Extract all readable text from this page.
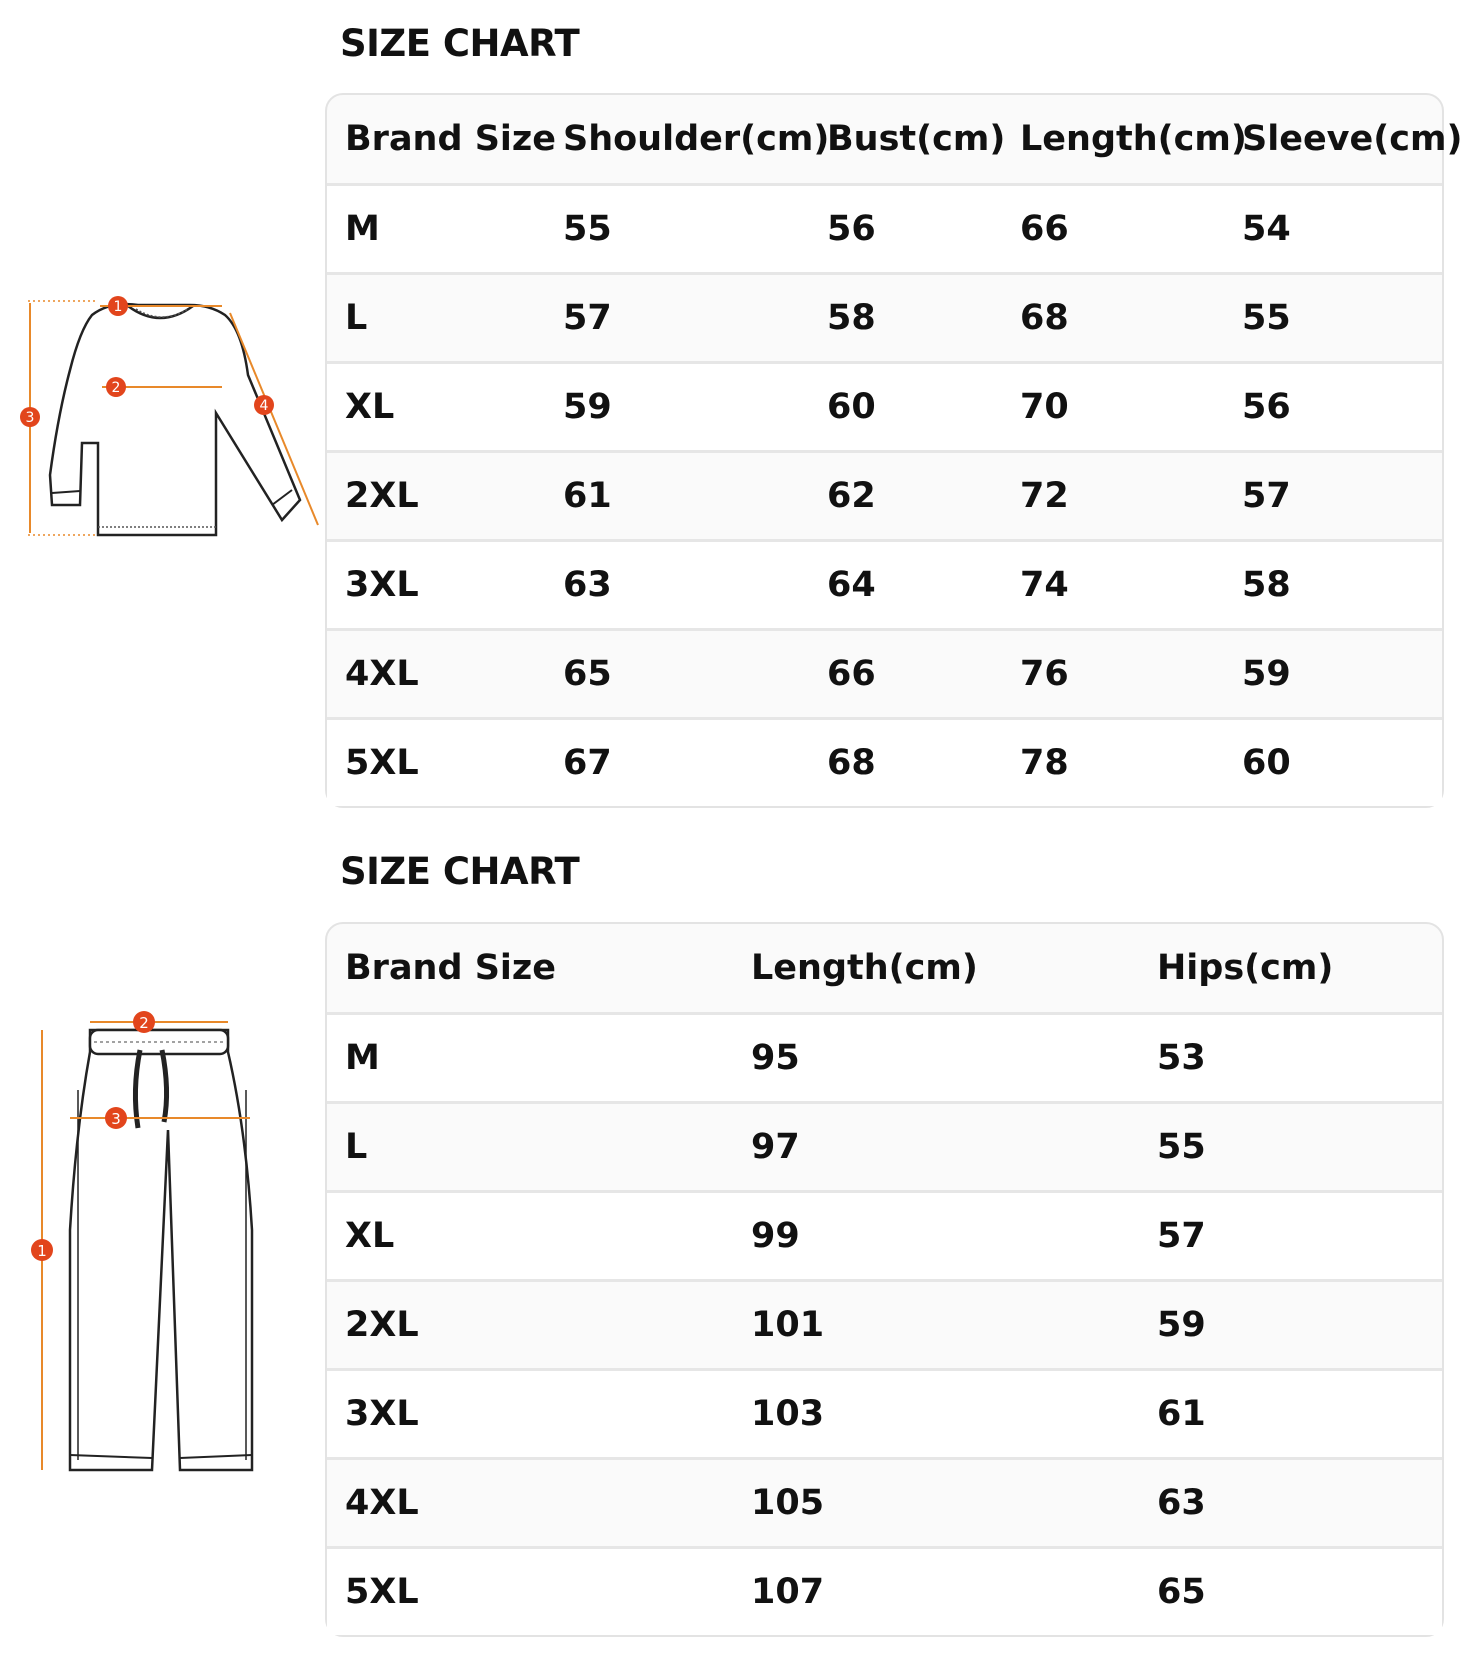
SIZE CHART
1
2
3
4
Brand Size	Shoulder(cm)	Bust(cm)	Length(cm)	Sleeve(cm)
M	55	56	66	54
L	57	58	68	55
XL	59	60	70	56
2XL	61	62	72	57
3XL	63	64	74	58
4XL	65	66	76	59
5XL	67	68	78	60
SIZE CHART
1
2
3
Brand Size	Length(cm)	Hips(cm)
M	95	53
L	97	55
XL	99	57
2XL	101	59
3XL	103	61
4XL	105	63
5XL	107	65
